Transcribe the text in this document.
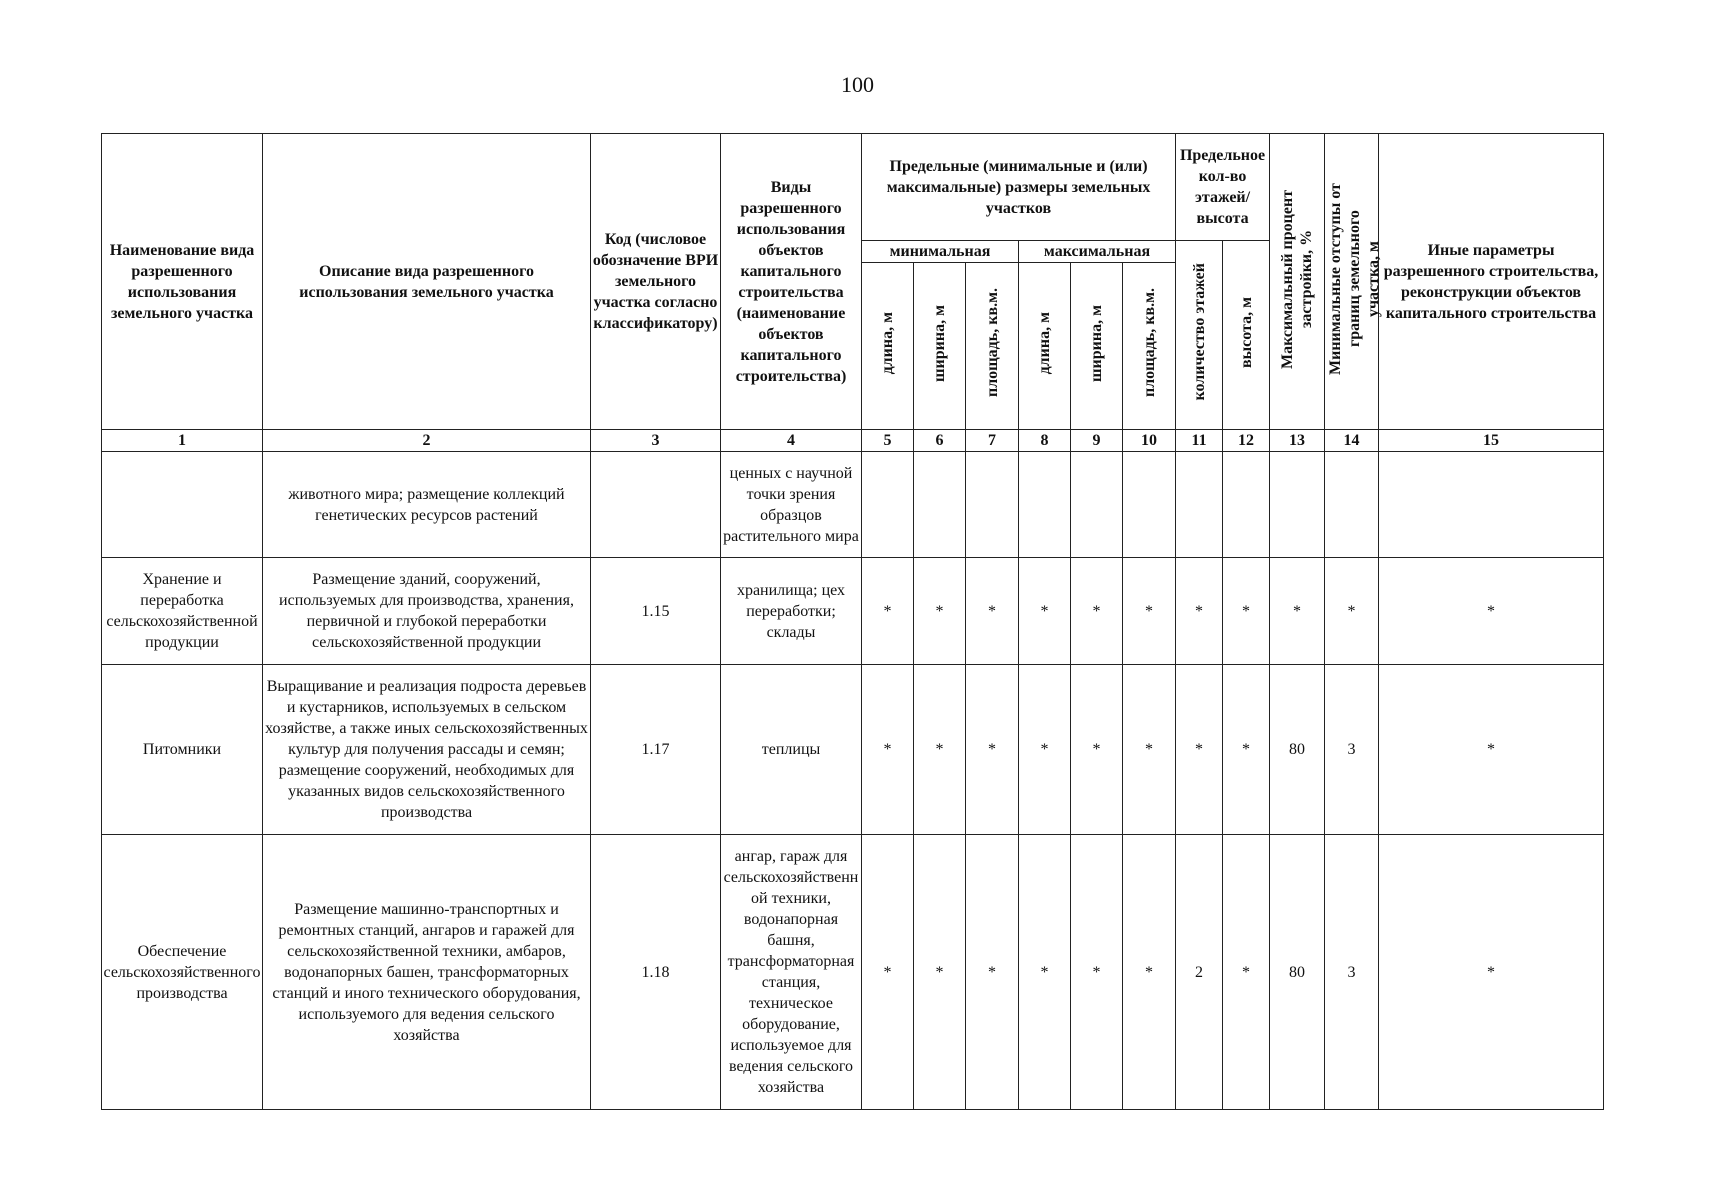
100
Наименование вида разрешенного использования земельного участка	Описание вида разрешенного использования земельного участка	Код (числовое обозначение ВРИ земельного участка согласно классификатору)	Виды разрешенного использования объектов капитального строительства (наименование объектов капитального строительства)	Предельные (минимальные и (или) максимальные) размеры земельных участков						Предельное кол-во этажей/ высота		Максимальный процент застройки, %	Минимальные отступы от границ земельного участка, м	Иные параметры разрешенного строительства, реконструкции объектов капитального строительства
				минимальная			максимальная			количество этажей	высота, м			
				длина, м	ширина, м	площадь, кв.м.	длина, м	ширина, м	площадь, кв.м.					
1	2	3	4	5	6	7	8	9	10	11	12	13	14	15
	животного мира; размещение коллекций генетических ресурсов растений		ценных с научной точки зрения образцов растительного мира											
Хранение и переработка сельскохозяйственной продукции	Размещение зданий, сооружений, используемых для производства, хранения, первичной и глубокой переработки сельскохозяйственной продукции	1.15	хранилища; цех переработки; склады	*	*	*	*	*	*	*	*	*	*	*
Питомники	Выращивание и реализация подроста деревьев и кустарников, используемых в сельском хозяйстве, а также иных сельскохозяйственных культур для получения рассады и семян; размещение сооружений, необходимых для указанных видов сельскохозяйственного производства	1.17	теплицы	*	*	*	*	*	*	*	*	80	3	*
Обеспечение сельскохозяйственного производства	Размещение машинно-транспортных и ремонтных станций, ангаров и гаражей для сельскохозяйственной техники, амбаров, водонапорных башен, трансформаторных станций и иного технического оборудования, используемого для ведения сельского хозяйства	1.18	ангар, гараж для сельскохозяйственной техники, водонапорная башня, трансформаторная станция, техническое оборудование, используемое для ведения сельского хозяйства	*	*	*	*	*	*	2	*	80	3	*
